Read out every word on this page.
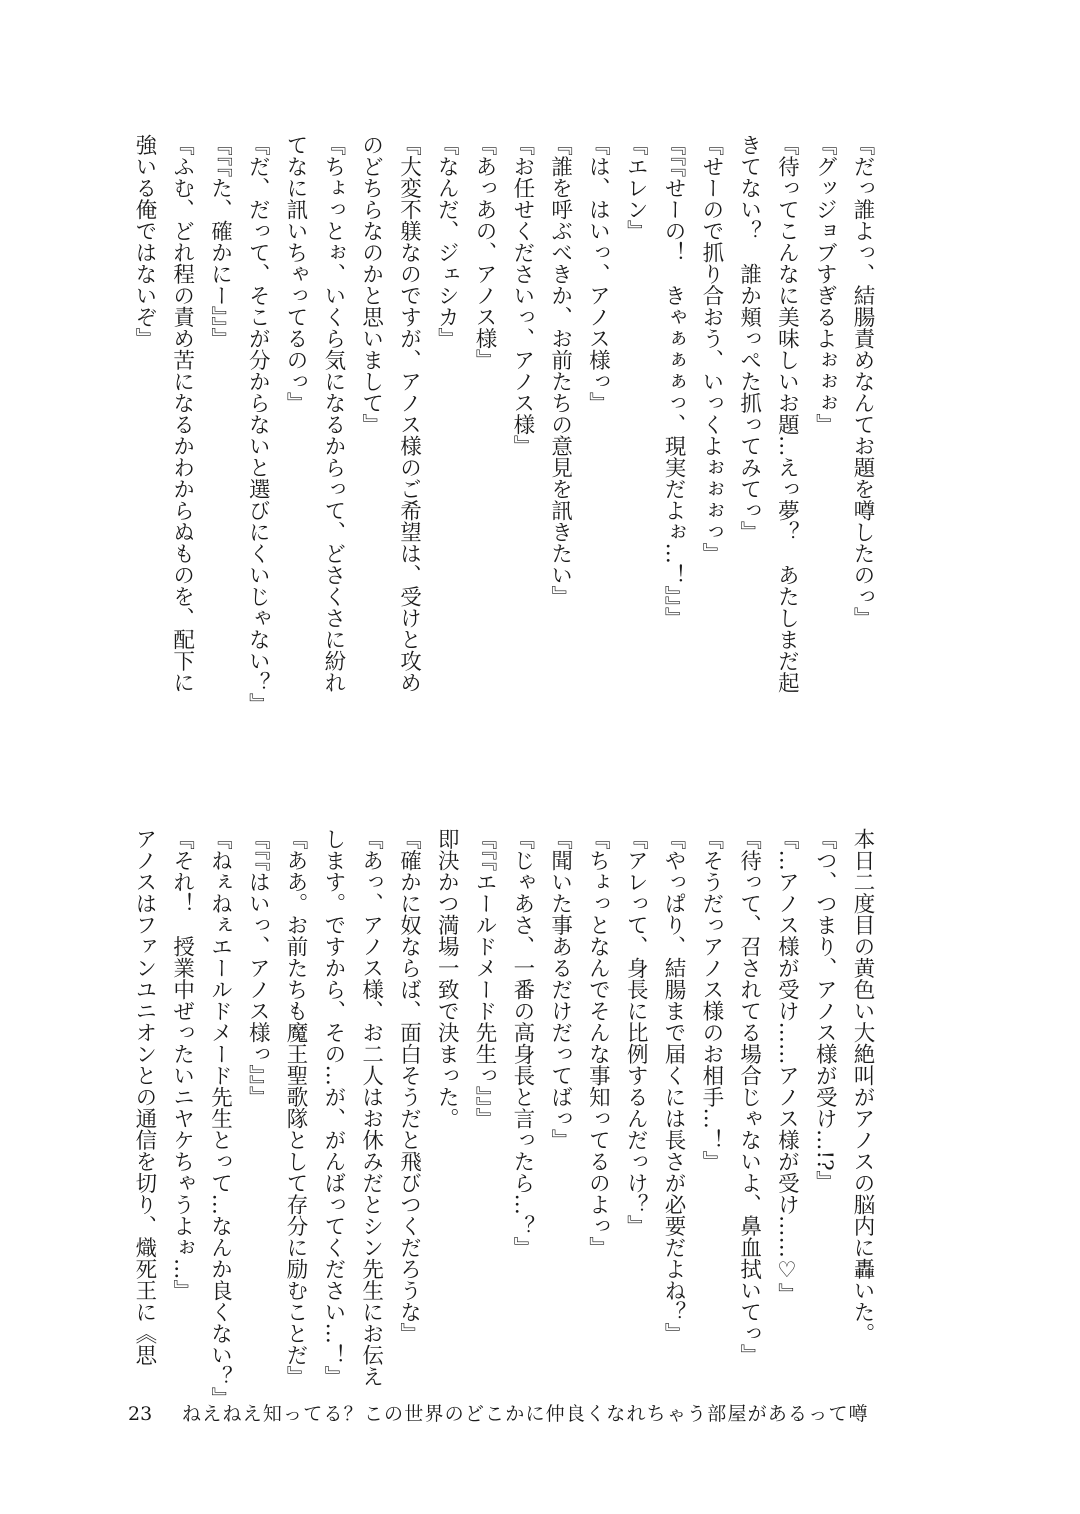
『だっ誰よっ、結腸責めなんてお題を噂したのっ』
『グッジョブすぎるよぉぉぉ』
『待ってこんなに美味しいお題…えっ夢？　あたしまだ起
きてない？　誰か頬っぺた抓ってみてっ』
『せーので抓り合おう、いっくよぉぉぉっ』
『『『せーの！　きゃぁぁぁっ、現実だよぉ…！』』』
『エレン』
『は、はいっ、アノス様っ』
『誰を呼ぶべきか、お前たちの意見を訊きたい』
『お任せくださいっ、アノス様』
『あっあの、アノス様』
『なんだ、ジェシカ』
『大変不躾なのですが、アノス様のご希望は、受けと攻め
のどちらなのかと思いまして』
『ちょっとぉ、いくら気になるからって、どさくさに紛れ
てなに訊いちゃってるのっ』
『だ、だって、そこが分からないと選びにくいじゃない？』
『『『た、確かにー』』』
『ふむ、どれ程の責め苦になるかわからぬものを、配下に
強いる俺ではないぞ』
本日二度目の黄色い大絶叫がアノスの脳内に轟いた。
『つ、つまり、アノス様が受け…!?』
『…アノス様が受け……アノス様が受け……♡』
『待って、召されてる場合じゃないよ、鼻血拭いてっ』
『そうだっアノス様のお相手…！』
『やっぱり、結腸まで届くには長さが必要だよね？』
『アレって、身長に比例するんだっけ？』
『ちょっとなんでそんな事知ってるのよっ』
『聞いた事あるだけだってばっ』
『じゃあさ、一番の高身長と言ったら…？』
『『『エールドメード先生っ』』』
即決かつ満場一致で決まった。
『確かに奴ならば、面白そうだと飛びつくだろうな』
『あっ、アノス様、お二人はお休みだとシン先生にお伝え
します。ですから、その…が、がんばってください…！』
『ああ。お前たちも魔王聖歌隊として存分に励むことだ』
『『『はいっ、アノス様っ』』』
『ねぇねぇエールドメード先生とって…なんか良くない？』
『それ！　授業中ぜったいニヤケちゃうよぉ…』
アノスはファンユニオンとの通信を切り、熾死王に《思
23 ねえねえ知ってる？この世界のどこかに仲良くなれちゃう部屋があるって噂
